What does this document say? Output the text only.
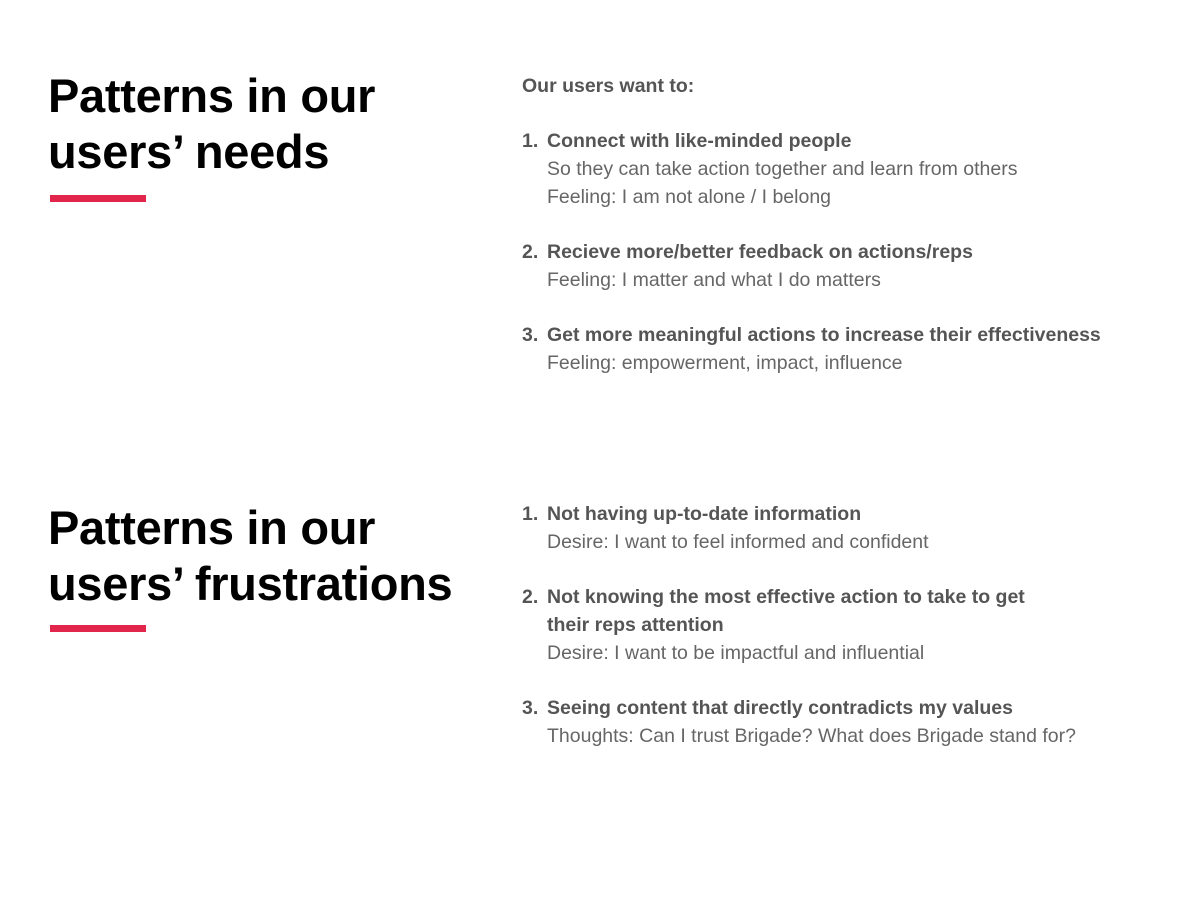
Patterns in our
users’ needs

Our users want to:

1. Connect with like-minded people
So they can take action together and learn from others
Feeling: I am not alone / I belong
2. Recieve more/better feedback on actions/reps
Feeling: I matter and what I do matters
3. Get more meaningful actions to increase their effectiveness
Feeling: empowerment, impact, influence
Patterns in our
users’ frustrations
1. Not having up-to-date information
Desire: I want to feel informed and confident
2. Not knowing the most effective action to take to get
their reps attention
Desire: I want to be impactful and influential
3. Seeing content that directly contradicts my values
Thoughts: Can I trust Brigade? What does Brigade stand for?
